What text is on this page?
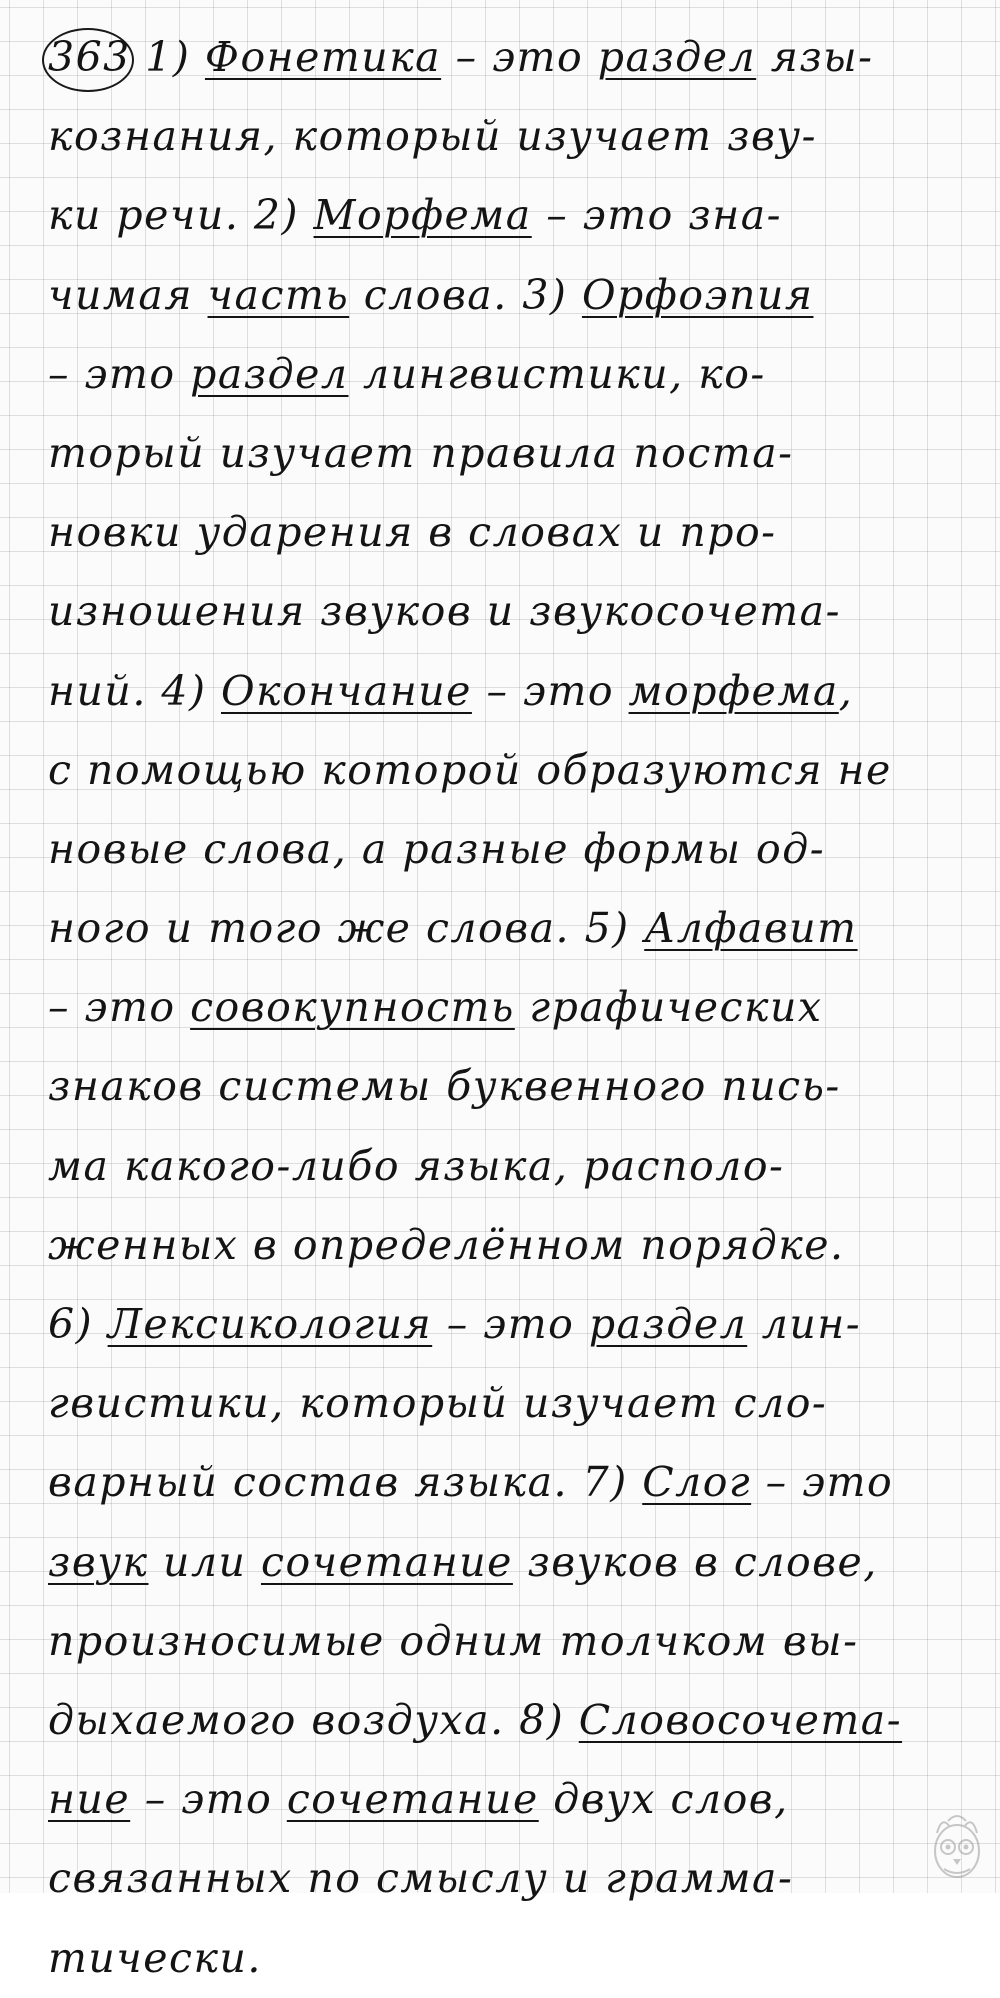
363 1) Фонетика – это раздел язы-
кознания, который изучает зву-
ки речи. 2) Морфема – это зна-
чимая часть слова. 3) Орфоэпия
– это раздел лингвистики, ко-
торый изучает правила поста-
новки ударения в словах и про-
изношения звуков и звукосочета-
ний. 4) Окончание – это морфема,
с помощью которой образуются не
новые слова, а разные формы од-
ного и того же слова. 5) Алфавит
– это совокупность графических
знаков системы буквенного пись-
ма какого-либо языка, располо-
женных в определённом порядке.
6) Лексикология – это раздел лин-
гвистики, который изучает сло-
варный состав языка. 7) Слог – это
звук или сочетание звуков в слове,
произносимые одним толчком вы-
дыхаемого воздуха. 8) Словосочета-
ние – это сочетание двух слов,
связанных по смыслу и грамма-
тически.
